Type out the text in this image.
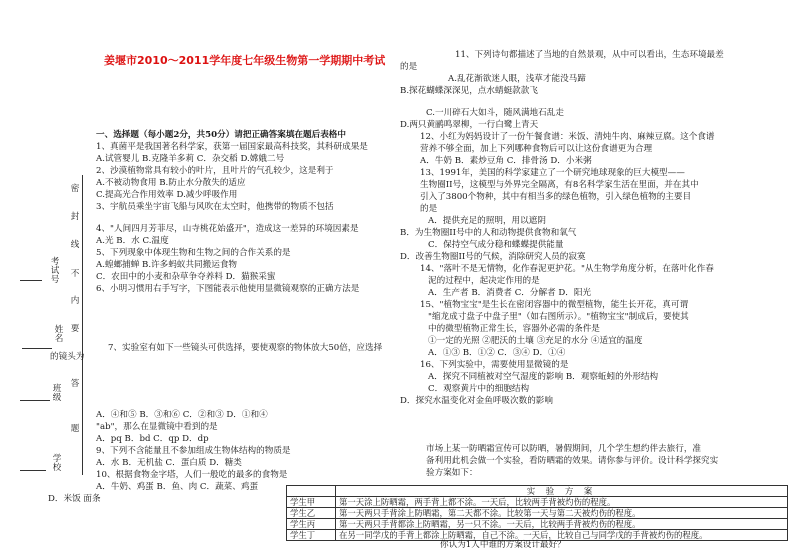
姜堰市2010～2011学年度七年级生物第一学期期中考试
考试号
姓名
班级
学校
密
封
线
内
不
要
答
题
的镜头为
一、选择题（每小题2分，共50分）请把正确答案填在题后表格中
1、真菌平是我国著名科学家，获第一届国家最高科技奖，其科研成果是
A.试管婴儿 B.克隆羊多莉 C．杂交稻 D.嫦娥二号
2、沙漠植物常具有较小的叶片，且叶片的气孔较少，这是利于
A.不被动物食用 B.防止水分散失的适应
C.提高光合作用效率 D.减少呼吸作用
3、宇航员乘坐宇宙飞船与风吹在太空时，他携带的物质不包括
4、"人间四月芳菲尽，山寺桃花始盛开"，造成这一差异的环境因素是
A.光 B．水 C.温度
5、下列现象中体现生物和生物之间的合作关系的是
A.蝗螂捕蝉 B.许多蚂蚁共同搬运食物
C．农田中的小麦和杂草争夺养料 D．猫猴采蜜
6、小明习惯用右手写字，下图能表示他使用显微镜观察的正确方法是
7、实验室有如下一些镜头可供选择，要使观察的物体放大50倍，应选择
A．④和⑤ B．③和⑥ C．②和③ D．①和④
"ab"，那么在显微镜中看到的是
A．pq B．bd C．qp D．dp
9、下列不含能量且不参加组成生物体结构的物质是
A．水 B．无机盐 C．蛋白质 D．糖类
10、根据食物金字塔，人们一般吃的最多的食物是
A．牛奶、鸡蛋 B．鱼、肉 C．蔬菜、鸡蛋
D．米饭 面条
11、下列诗句都描述了当地的自然景观，从中可以看出，生态环境最差
的是
A.乱花渐欲迷人眼，浅草才能没马蹄
B.探花蝴蝶深深见，点水蜻蜓款款飞
C.一川碎石大如斗，随风满地石乱走
D.两只黄鹂鸣翠柳，一行白鹭上青天
12、小红为妈妈设计了一份午餐食谱：米饭、清炖牛肉、麻辣豆腐。这个食谱
营养不够全面，加上下列哪种食物后可以让这份食谱更为合理
A．牛奶 B．素炒豆角 C．排骨汤 D．小米粥
13、1991年，美国的科学家建立了一个研究地球现象的巨大模型——
生物圈II号，这模型与外界完全隔离，有8名科学家生活在里面，并在其中
引入了3800个物种，其中有相当多的绿色植物，引入绿色植物的主要目
的是
A．提供充足的照明，用以遮阴
B．为生物圈II号中的人和动物提供食物和氧气
C．保持空气成分稳和蝶蝶提供能量
D．改善生物圈II号的气候，消除研究人员的寂寞
14、"落叶不是无情物，化作春泥更护花。"从生物学角度分析，在落叶化作春
泥的过程中，起决定作用的是
A．生产者 B．消费者 C．分解者 D．阳光
15、"植物宝宝"是生长在密闭容器中的微型植物，能生长开花，真可谓
"缩龙成寸盘子中盘子里"（如右图所示）。"植物宝宝"制成后，要使其
中的微型植物正常生长，容器外必需的条件是
①一定的光照 ②肥沃的土壤 ③充足的水分 ④适宜的温度
A．①③ B．①② C．③④ D．①④
16、下列实验中，需要使用显微镜的是
A．探究不同植被对空气湿度的影响 B．观察蚯蚓的外形结构
C．观察黄片中的细胞结构
D．探究水温变化对金鱼呼吸次数的影响
市场上某一防晒霜宣传可以防晒，暑假期间，几个学生想约伴去旅行，准
备利用此机会做一个实验，看防晒霜的效果。请你参与评价。设计科学探究实
验方案如下：
	实 验 方 案
学生甲	第一天涂上防晒霜，两手背上都不涂。一天后，比较两手背被灼伤的程度。
学生乙	第一天两只手背涂上防晒霜，第二天都不涂。比较第一天与第二天被灼伤的程度。
学生丙	第一天两只手背都涂上防晒霜，另一只不涂。一天后，比较两手背被灼伤的程度。
学生丁	在另一同学戊的手背上都涂上防晒霜，自己不涂。一天后，比较自己与同学戊的手背被灼伤的程度。
你认为1人中谁的方案设计最好？
